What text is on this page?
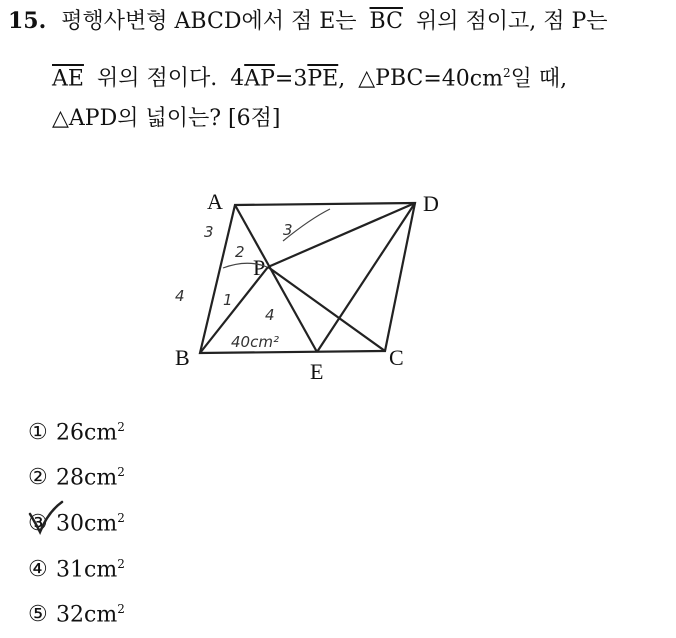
15. 평행사변형 ABCD에서 점 E는 $\overline{BC}$ 위의 점이고, 점 P는
$\overline{AE}$ 위의 점이다. $4\overline{AP}=3\overline{PE}$, $\triangle PBC=40cm^2$일 때,
△APD의 넓이는? [6점]
A
B	C
D
E
P
3
2
3
4	1
4
40cm²
① $26cm^2$
② $28cm^2$
③ $30cm^2$
④ $31cm^2$
⑤ $32cm^2$
